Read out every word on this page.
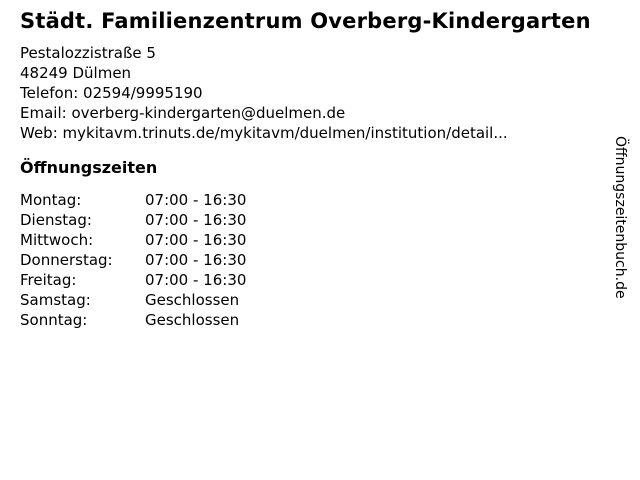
Städt. Familienzentrum Overberg-Kindergarten
Pestalozzistraße 5
48249 Dülmen
Telefon: 02594/9995190
Email: overberg-kindergarten@duelmen.de
Web: mykitavm.trinuts.de/mykitavm/duelmen/institution/detail...
Öffnungszeiten
Montag:	07:00 - 16:30
Dienstag:	07:00 - 16:30
Mittwoch:	07:00 - 16:30
Donnerstag:	07:00 - 16:30
Freitag:	07:00 - 16:30
Samstag:	Geschlossen
Sonntag:	Geschlossen
Öffnungszeitenbuch.de
